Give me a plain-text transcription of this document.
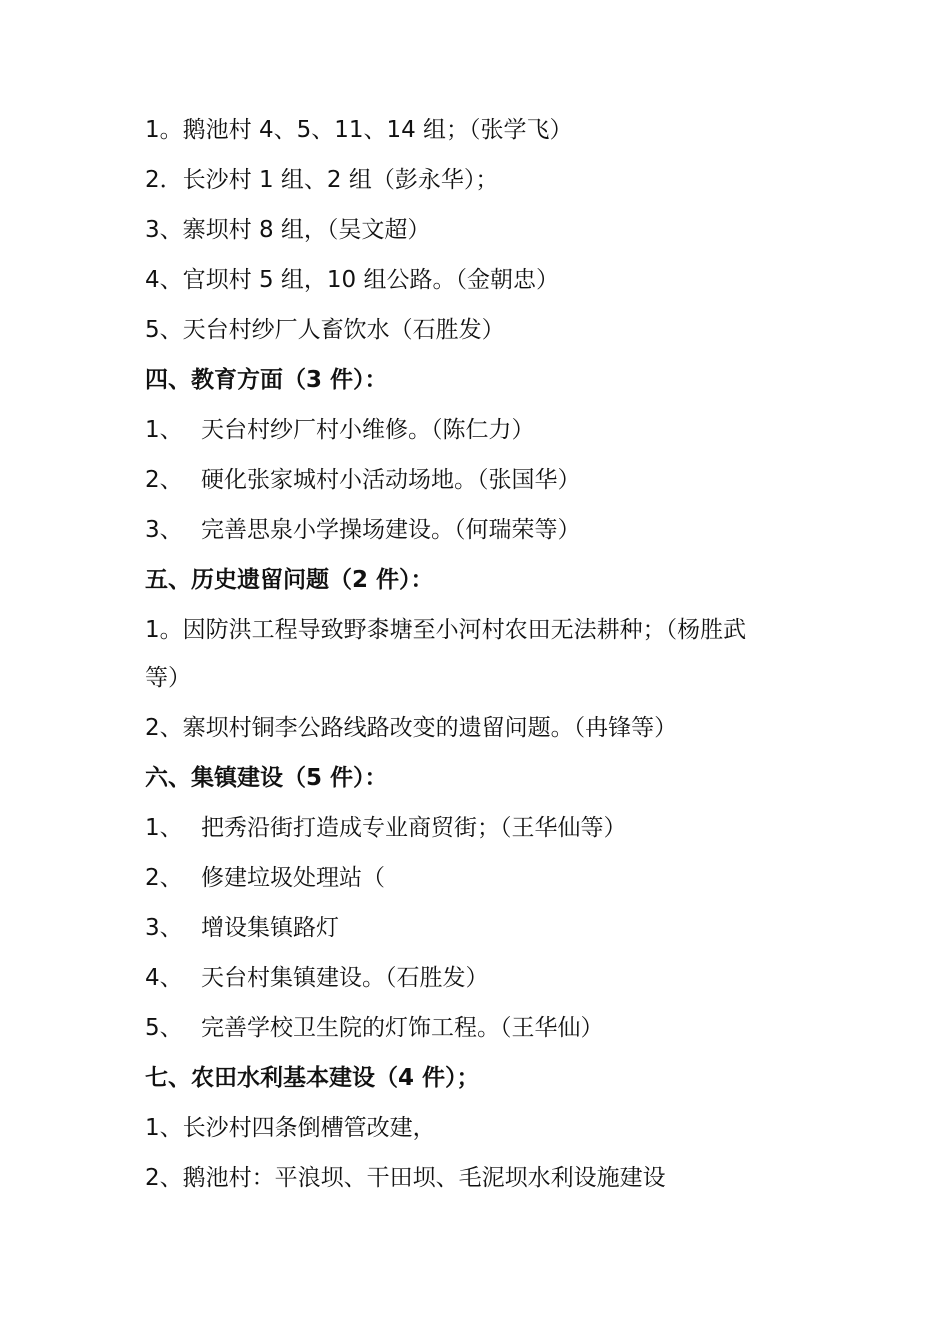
1。鹅池村 4、5、11、14 组；（张学飞）
2．长沙村 1 组、2 组（彭永华）；
3、寨坝村 8 组，（吴文超）
4、官坝村 5 组，10 组公路。（金朝忠）
5、天台村纱厂人畜饮水（石胜发）
四、教育方面（3 件）：
1、 天台村纱厂村小维修。（陈仁力）
2、 硬化张家城村小活动场地。（张国华）
3、 完善思泉小学操场建设。（何瑞荣等）
五、历史遗留问题（2 件）：
1。因防洪工程导致野桼塘至小河村农田无法耕种；（杨胜武
等）
2、寨坝村铜李公路线路改变的遗留问题。（冉锋等）
六、集镇建设（5 件）：
1、 把秀沿街打造成专业商贸街；（王华仙等）
2、 修建垃圾处理站（
3、 增设集镇路灯
4、 天台村集镇建设。（石胜发）
5、 完善学校卫生院的灯饰工程。（王华仙）
七、农田水利基本建设（4 件）；
1、长沙村四条倒槽管改建，
2、鹅池村：平浪坝、干田坝、毛泥坝水利设施建设
